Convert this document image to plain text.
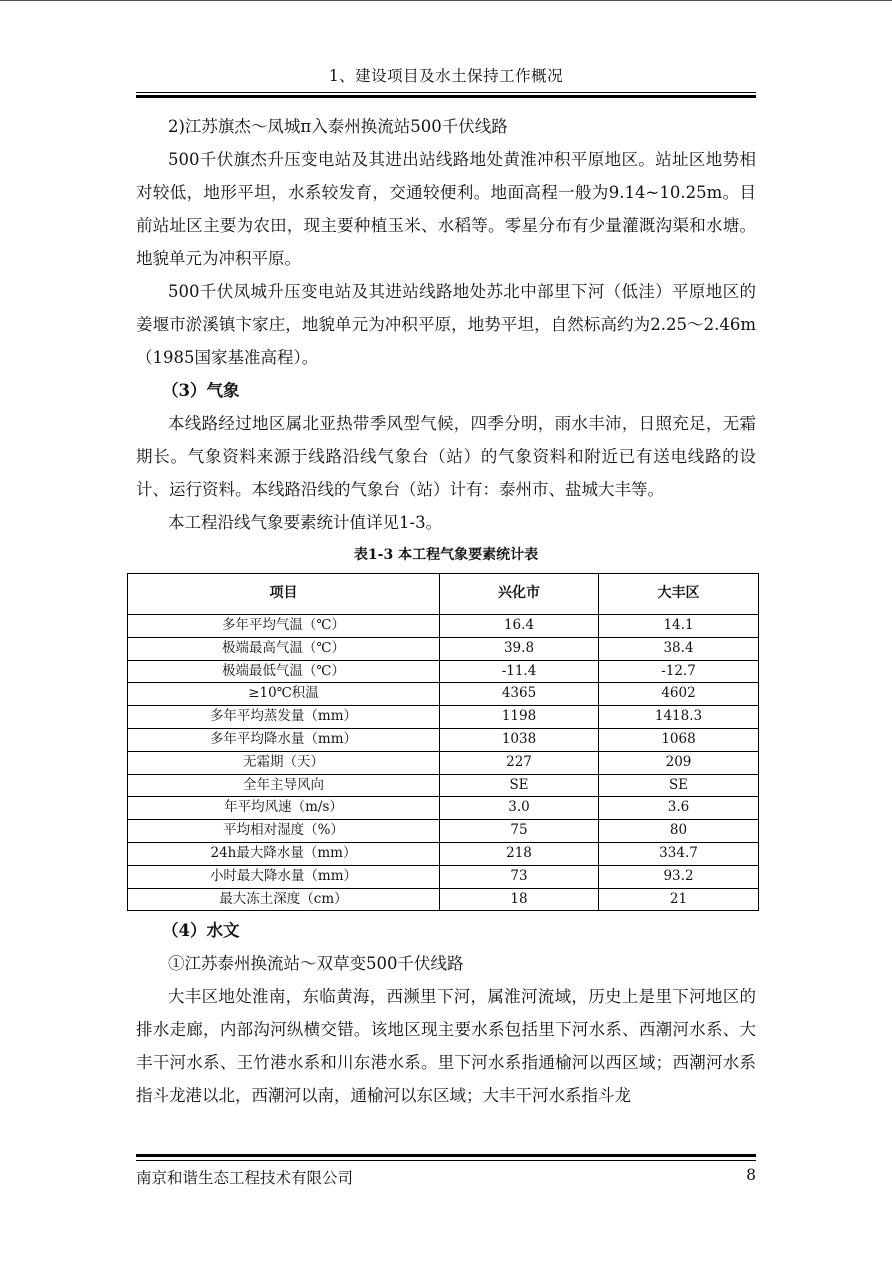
1、建设项目及水土保持工作概况

2)江苏旗杰～凤城π入泰州换流站500千伏线路

500千伏旗杰升压变电站及其进出站线路地处黄淮冲积平原地区。站址区地势相对较低，地形平坦，水系较发育，交通较便利。地面高程一般为9.14~10.25m。目前站址区主要为农田，现主要种植玉米、水稻等。零星分布有少量灌溉沟渠和水塘。地貌单元为冲积平原。

500千伏凤城升压变电站及其进站线路地处苏北中部里下河（低洼）平原地区的姜堰市淤溪镇卞家庄，地貌单元为冲积平原，地势平坦，自然标高约为2.25～2.46m（1985国家基准高程）。

（3）气象

本线路经过地区属北亚热带季风型气候，四季分明，雨水丰沛，日照充足，无霜期长。气象资料来源于线路沿线气象台（站）的气象资料和附近已有送电线路的设计、运行资料。本线路沿线的气象台（站）计有：泰州市、盐城大丰等。

本工程沿线气象要素统计值详见1-3。

表1-3 本工程气象要素统计表
项目	兴化市	大丰区
多年平均气温（℃）	16.4	14.1
极端最高气温（℃）	39.8	38.4
极端最低气温（℃）	-11.4	-12.7
≥10℃积温	4365	4602
多年平均蒸发量（mm）	1198	1418.3
多年平均降水量（mm）	1038	1068
无霜期（天）	227	209
全年主导风向	SE	SE
年平均风速（m/s）	3.0	3.6
平均相对湿度（%）	75	80
24h最大降水量（mm）	218	334.7
小时最大降水量（mm）	73	93.2
最大冻土深度（cm）	18	21

（4）水文

①江苏泰州换流站～双草变500千伏线路

大丰区地处淮南，东临黄海，西濒里下河，属淮河流域，历史上是里下河地区的排水走廊，内部沟河纵横交错。该地区现主要水系包括里下河水系、西潮河水系、大丰干河水系、王竹港水系和川东港水系。里下河水系指通榆河以西区域；西潮河水系指斗龙港以北，西潮河以南，通榆河以东区域；大丰干河水系指斗龙

南京和谐生态工程技术有限公司	8
